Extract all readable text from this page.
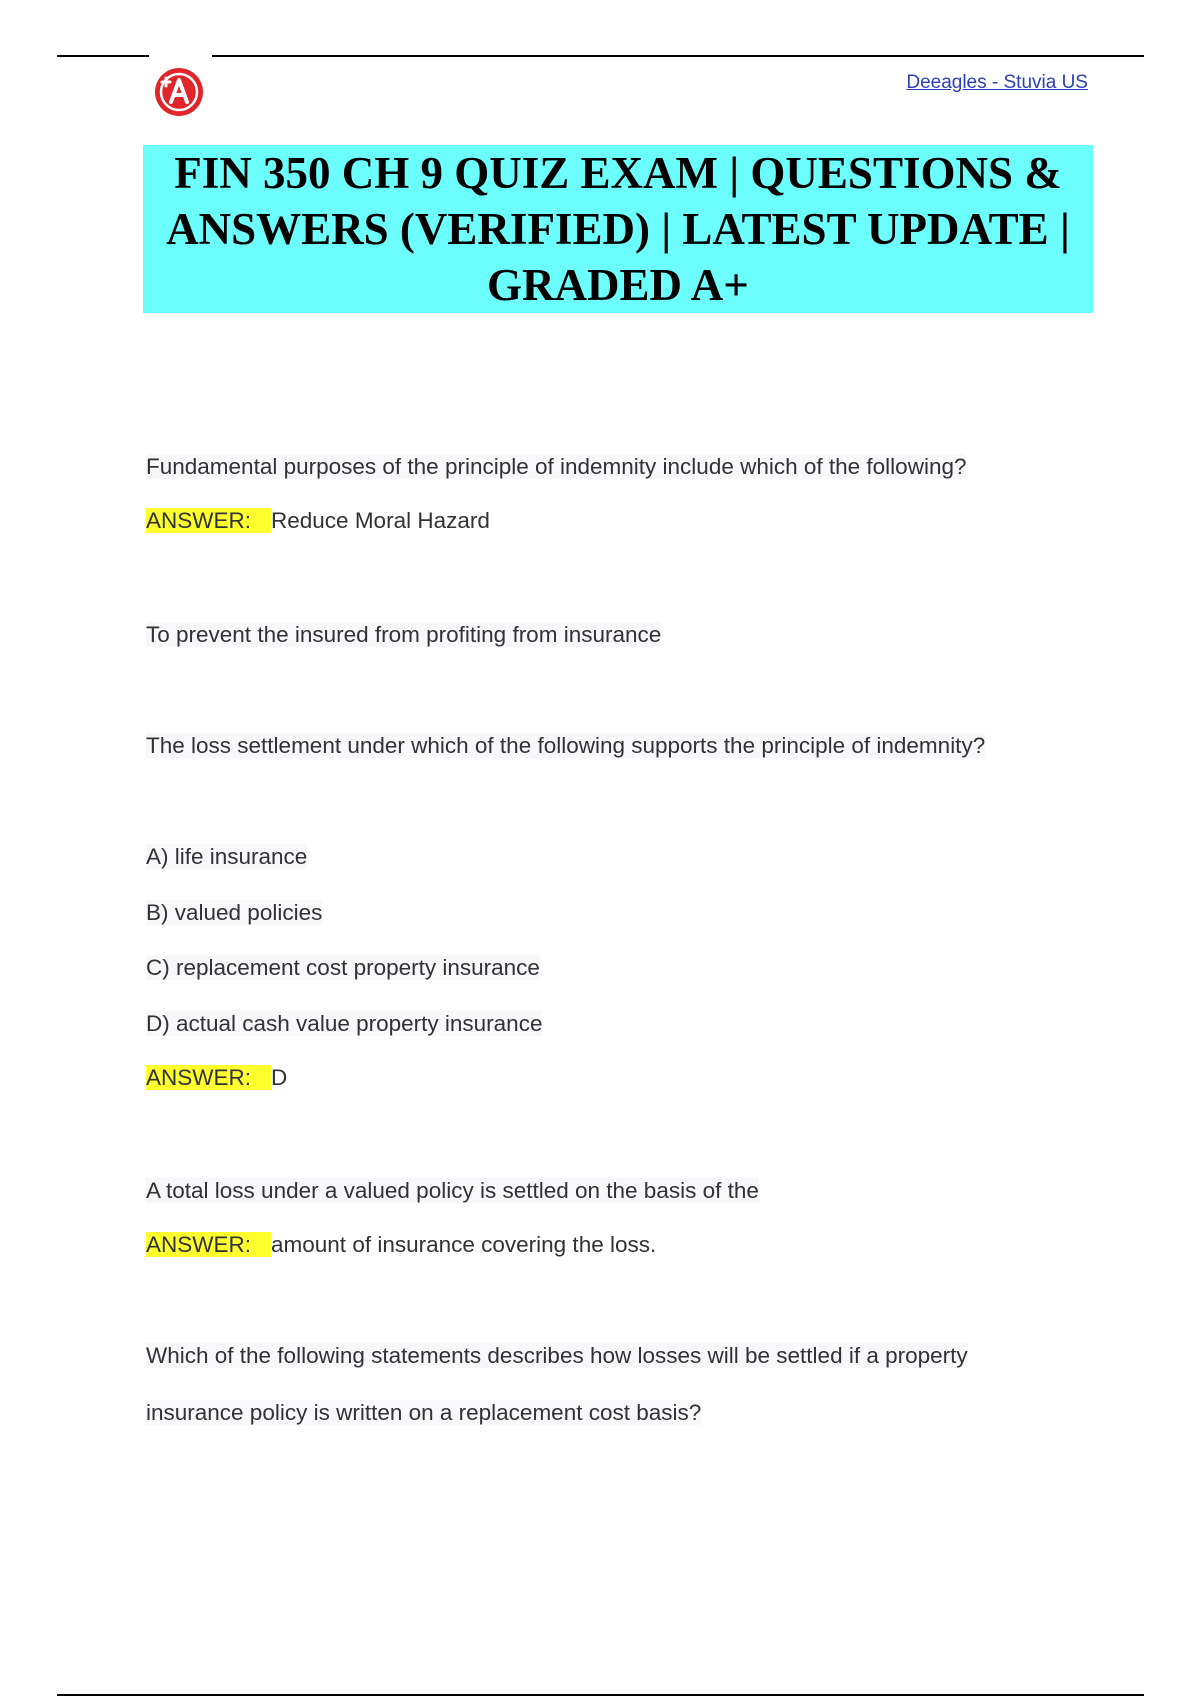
Deeagles - Stuvia US
FIN 350 CH 9 QUIZ EXAM | QUESTIONS & ANSWERS (VERIFIED) | LATEST UPDATE | GRADED A+
Fundamental purposes of the principle of indemnity include which of the following?
ANSWER: Reduce Moral Hazard
To prevent the insured from profiting from insurance
The loss settlement under which of the following supports the principle of indemnity?
A) life insurance
B) valued policies
C) replacement cost property insurance
D) actual cash value property insurance
ANSWER: D
A total loss under a valued policy is settled on the basis of the
ANSWER: amount of insurance covering the loss.
Which of the following statements describes how losses will be settled if a property
insurance policy is written on a replacement cost basis?
